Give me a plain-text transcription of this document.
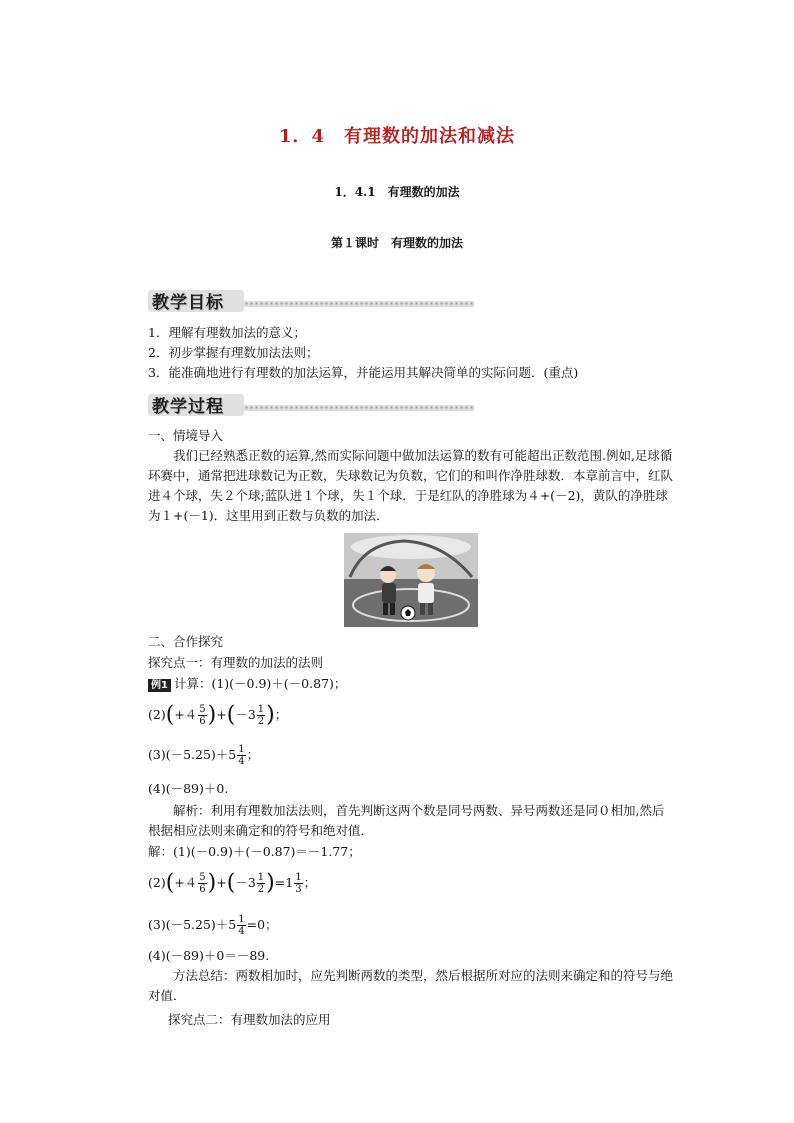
1．4　有理数的加法和减法
1．4.1　有理数的加法
第１课时　有理数的加法
教学目标
1．理解有理数加法的意义；
2．初步掌握有理数加法法则；
3．能准确地进行有理数的加法运算，并能运用其解决简单的实际问题．(重点)
教学过程
一、情境导入
我们已经熟悉正数的运算,然而实际问题中做加法运算的数有可能超出正数范围.例如,足球循环赛中，通常把进球数记为正数，失球数记为负数，它们的和叫作净胜球数．本章前言中，红队进４个球，失２个球;蓝队进１个球，失１个球．于是红队的净胜球为４+(－2)，黄队的净胜球为１+(－1)．这里用到正数与负数的加法．
二、合作探究
探究点一：有理数的加法的法则
例1 计算：(1)(－0.9)＋(－0.87)；
$(2)(+4 \frac{5}{6} )+(-3 \frac{1}{2}$ )；
$(3)(-5.25)+5 \frac{1}{4}$ ；
(4)(－89)＋0.
解析：利用有理数加法法则，首先判断这两个数是同号两数、异号两数还是同０相加,然后根据相应法则来确定和的符号和绝对值．
解：(1)(－0.9)＋(－0.87)＝－1.77；
$(2)(+4 \frac{5}{6} )+(-3 \frac{1}{2} )=1 \frac{1}{3}$ ；
$(3)(-5.25)+5 \frac{1}{4} =0$；
(4)(－89)＋0＝－89.
方法总结：两数相加时，应先判断两数的类型，然后根据所对应的法则来确定和的符号与绝对值．
探究点二：有理数加法的应用
